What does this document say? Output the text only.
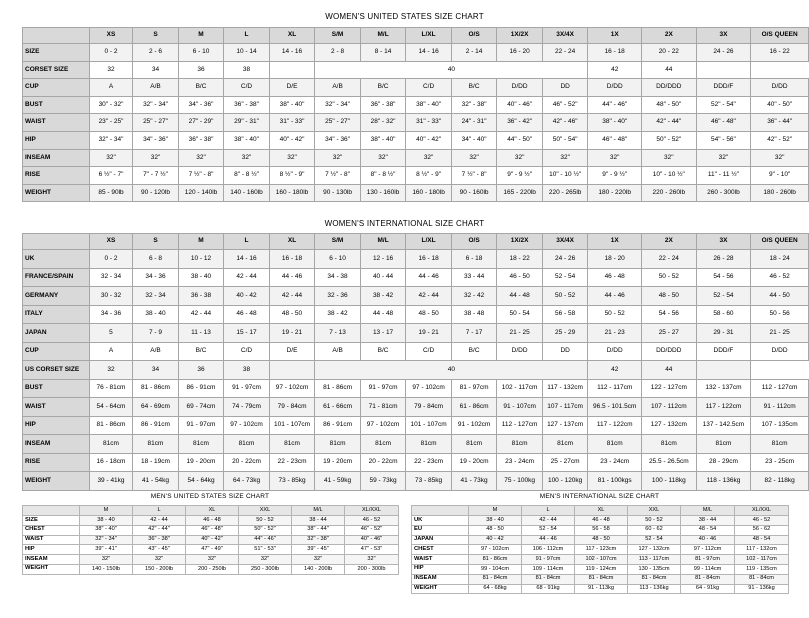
WOMEN'S UNITED STATES SIZE CHART
	XS	S	M	L	XL	S/M	M/L	L/XL	O/S	1X/2X	3X/4X	1X	2X	3X	O/S QUEEN
SIZE	0 - 2	2 - 6	6 - 10	10 - 14	14 - 16	2 - 8	8 - 14	14 - 16	2 - 14	16 - 20	22 - 24	16 - 18	20 - 22	24 - 26	16 - 22
CORSET SIZE	32	34	36	38		40						42	44		
CUP	A	A/B	B/C	C/D	D/E	A/B	B/C	C/D	B/C	D/DD	DD	D/DD	DD/DDD	DDD/F	D/DD
BUST	30" - 32"	32" - 34"	34" - 36"	36" - 38"	38" - 40"	32" - 34"	36" - 38"	38" - 40"	32" - 38"	40" - 46"	46" - 52"	44" - 46"	48" - 50"	52" - 54"	40" - 50"
WAIST	23" - 25"	25" - 27"	27" - 29"	29" - 31"	31" - 33"	25" - 27"	28" - 32"	31" - 33"	24" - 31"	36" - 42"	42" - 46"	38" - 40"	42" - 44"	46" - 48"	36" - 44"
HIP	32" - 34"	34" - 36"	36" - 38"	38" - 40"	40" - 42"	34" - 36"	38" - 40"	40" - 42"	34" - 40"	44" - 50"	50" - 54"	46" - 48"	50" - 52"	54" - 56"	42" - 52"
INSEAM	32"	32"	32"	32"	32"	32"	32"	32"	32"	32"	32"	32"	32"	32"	32"
RISE	6 ½" - 7"	7" - 7 ½"	7 ½" - 8"	8" - 8 ½"	8 ½" - 9"	7 ½" - 8"	8" - 8 ½"	8 ½" - 9"	7 ½" - 8"	9" - 9 ½"	10" - 10 ½"	9" - 9 ½"	10" - 10 ½"	11" - 11 ½"	9" - 10"
WEIGHT	85 - 90lb	90 - 120lb	120 - 140lb	140 - 160lb	160 - 180lb	90 - 130lb	130 - 160lb	160 - 180lb	90 - 160lb	165 - 220lb	220 - 265lb	180 - 220lb	220 - 260lb	260 - 300lb	180 - 260lb
WOMEN'S INTERNATIONAL SIZE CHART
	XS	S	M	L	XL	S/M	M/L	L/XL	O/S	1X/2X	3X/4X	1X	2X	3X	O/S QUEEN
UK	0 - 2	6 - 8	10 - 12	14 - 16	16 - 18	6 - 10	12 - 16	16 - 18	6 - 18	18 - 22	24 - 26	18 - 20	22 - 24	26 - 28	18 - 24
FRANCE/SPAIN	32 - 34	34 - 36	38 - 40	42 - 44	44 - 46	34 - 38	40 - 44	44 - 46	33 - 44	46 - 50	52 - 54	46 - 48	50 - 52	54 - 56	46 - 52
GERMANY	30 - 32	32 - 34	36 - 38	40 - 42	42 - 44	32 - 36	38 - 42	42 - 44	32 - 42	44 - 48	50 - 52	44 - 46	48 - 50	52 - 54	44 - 50
ITALY	34 - 36	38 - 40	42 - 44	46 - 48	48 - 50	38 - 42	44 - 48	48 - 50	38 - 48	50 - 54	56 - 58	50 - 52	54 - 56	58 - 60	50 - 56
JAPAN	5	7 - 9	11 - 13	15 - 17	19 - 21	7 - 13	13 - 17	19 - 21	7 - 17	21 - 25	25 - 29	21 - 23	25 - 27	29 - 31	21 - 25
CUP	A	A/B	B/C	C/D	D/E	A/B	B/C	C/D	B/C	D/DD	DD	D/DD	DD/DDD	DDD/F	D/DD
US CORSET SIZE	32	34	36	38		40						42	44		
BUST	76 - 81cm	81 - 86cm	86 - 91cm	91 - 97cm	97 - 102cm	81 - 86cm	91 - 97cm	97 - 102cm	81 - 97cm	102 - 117cm	117 - 132cm	112 - 117cm	122 - 127cm	132 - 137cm	112 - 127cm
WAIST	54 - 64cm	64 - 69cm	69 - 74cm	74 - 79cm	79 - 84cm	61 - 66cm	71 - 81cm	79 - 84cm	61 - 86cm	91 - 107cm	107 - 117cm	96.5 - 101.5cm	107 - 112cm	117 - 122cm	91 - 112cm
HIP	81 - 86cm	86 - 91cm	91 - 97cm	97 - 102cm	101 - 107cm	86 - 91cm	97 - 102cm	101 - 107cm	91 - 102cm	112 - 127cm	127 - 137cm	117 - 122cm	127 - 132cm	137 - 142.5cm	107 - 135cm
INSEAM	81cm	81cm	81cm	81cm	81cm	81cm	81cm	81cm	81cm	81cm	81cm	81cm	81cm	81cm	81cm
RISE	16 - 18cm	18 - 19cm	19 - 20cm	20 - 22cm	22 - 23cm	19 - 20cm	20 - 22cm	22 - 23cm	19 - 20cm	23 - 24cm	25 - 27cm	23 - 24cm	25.5 - 26.5cm	28 - 29cm	23 - 25cm
WEIGHT	39 - 41kg	41 - 54kg	54 - 64kg	64 - 73kg	73 - 85kg	41 - 59kg	59 - 73kg	73 - 85kg	41 - 73kg	75 - 100kg	100 - 120kg	81 - 100kgs	100 - 118kg	118 - 136kg	82 - 118kg
MEN'S UNITED STATES SIZE CHART
	M	L	XL	XXL	M/L	XL/XXL
SIZE	38 - 40	42 - 44	46 - 48	50 - 52	38 - 44	46 - 52
CHEST	38" - 40"	42" - 44"	46" - 48"	50" - 52"	38" - 44"	46" - 52"
WAIST	32" - 34"	36" - 38"	40" - 42"	44" - 46"	32" - 38"	40" - 46"
HIP	39" - 41"	43" - 45"	47" - 49"	51" - 53"	39" - 45"	47" - 53"
INSEAM	32"	32"	32"	32"	32"	32"
WEIGHT	140 - 150lb	150 - 200lb	200 - 250lb	250 - 300lb	140 - 200lb	200 - 300lb
MEN'S INTERNATIONAL SIZE CHART
	M	L	XL	XXL	M/L	XL/XXL
UK	38 - 40	42 - 44	46 - 48	50 - 52	38 - 44	46 - 52
EU	48 - 50	52 - 54	56 - 58	60 - 62	48 - 54	56 - 62
JAPAN	40 - 42	44 - 46	48 - 50	52 - 54	40 - 46	48 - 54
CHEST	97 - 102cm	106 - 112cm	117 - 123cm	127 - 132cm	97 - 112cm	117 - 132cm
WAIST	81 - 86cm	91 - 97cm	102 - 107cm	113 - 117cm	81 - 97cm	102 - 117cm
HIP	99 - 104cm	109 - 114cm	119 - 124cm	130 - 135cm	99 - 114cm	119 - 135cm
INSEAM	81 - 84cm	81 - 84cm	81 - 84cm	81 - 84cm	81 - 84cm	81 - 84cm
WEIGHT	64 - 68kg	68 - 91kg	91 - 113kg	113 - 136kg	64 - 91kg	91 - 136kg
